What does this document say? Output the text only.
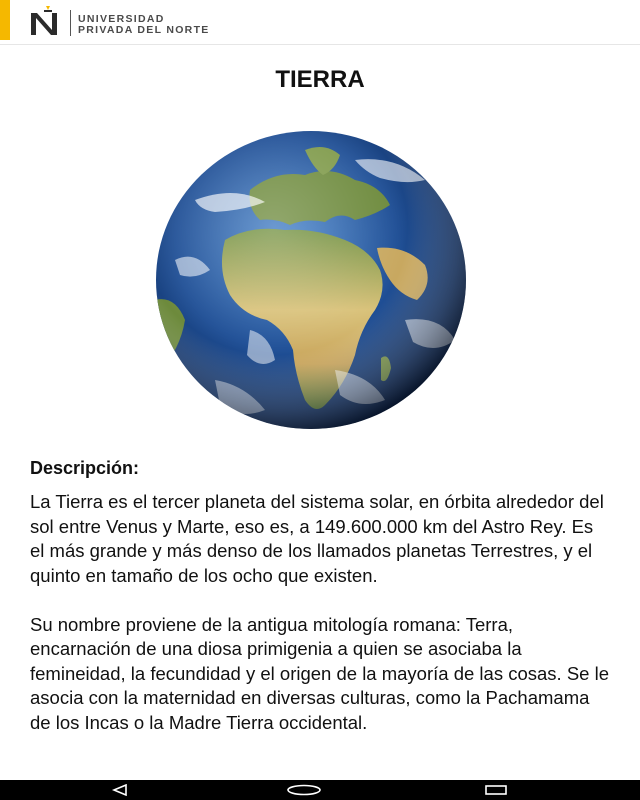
UNIVERSIDAD
PRIVADA DEL NORTE
TIERRA
Descripción:

La Tierra es el tercer planeta del sistema solar, en órbita alrededor del sol entre Venus y Marte, eso es, a 149.600.000 km del Astro Rey. Es el más grande y más denso de los llamados planetas Terrestres, y el quinto en tamaño de los ocho que existen.

Su nombre proviene de la antigua mitología romana: Terra, encarnación de una diosa primigenia a quien se asociaba la femineidad, la fecundidad y el origen de la mayoría de las cosas. Se le asocia con la maternidad en diversas culturas, como la Pachamama de los Incas o la Madre Tierra occidental.
